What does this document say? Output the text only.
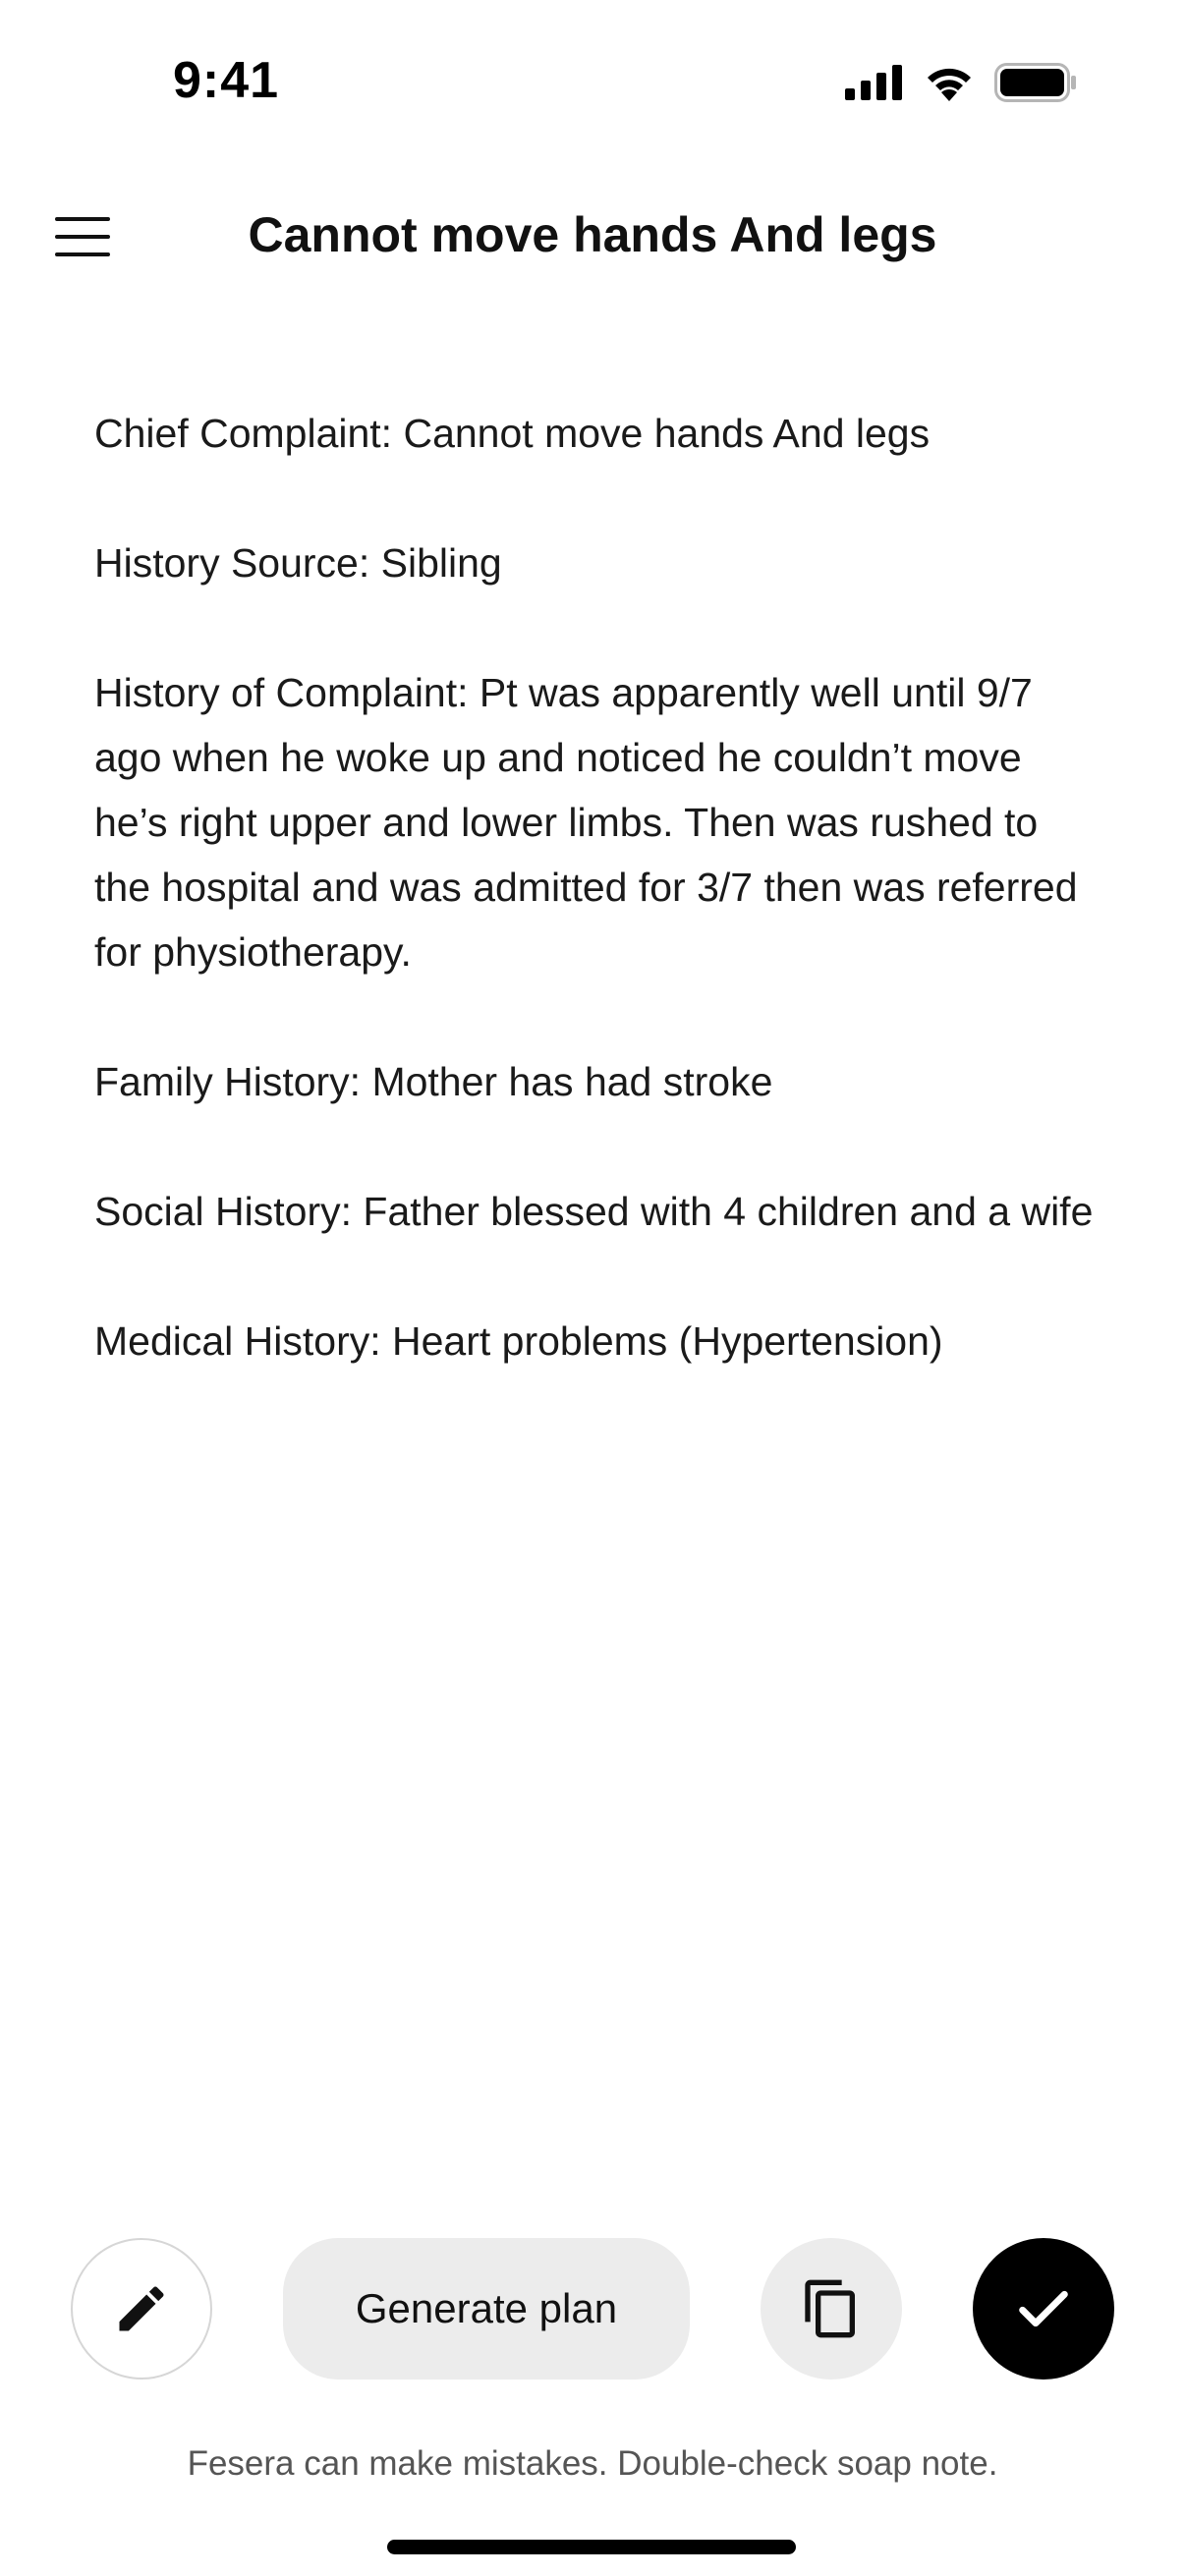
9:41
Cannot move hands And legs

Chief Complaint: Cannot move hands And legs

History Source: Sibling

History of Complaint: Pt was apparently well until 9/7 ago when he woke up and noticed he couldn’t move he’s right upper and lower limbs. Then was rushed to the hospital and was admitted for 3/7 then was referred for physiotherapy.

Family History: Mother has had stroke

Social History: Father blessed with 4 children and a wife

Medical History: Heart problems (Hypertension)

Generate plan
Fesera can make mistakes. Double-check soap note.
